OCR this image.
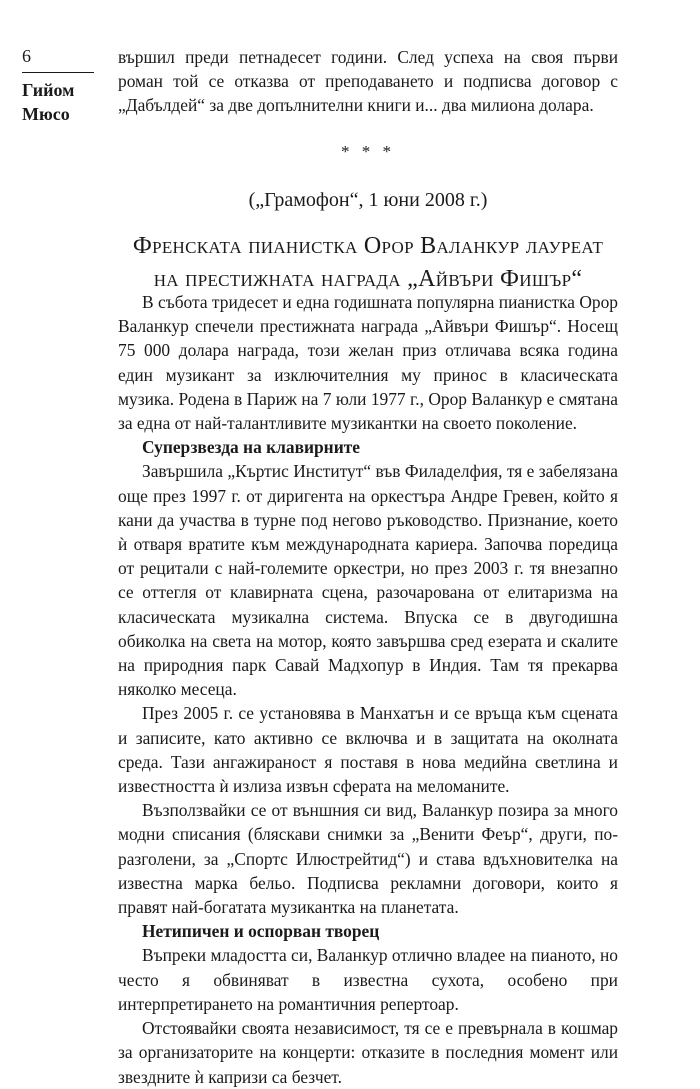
6
Гийом
Мюсо

вършил преди петнадесет години. След успеха на своя първи роман той се отказва от преподаването и подписва договор с „Дабълдей“ за две допълнителни книги и... два милиона долара.

* * *
(„Грамофон“, 1 юни 2008 г.)
Френската пианистка Орор Валанкур лауреат
на престижната награда „Айвъри Фишър“

В събота тридесет и една годишната популярна пианистка Орор Валанкур спечели престижната награда „Айвъри Фишър“. Носещ 75 000 долара награда, този желан приз отличава всяка година един музикант за изключителния му принос в класическата музика. Родена в Париж на 7 юли 1977 г., Орор Валанкур е смятана за една от най-талантливите музикантки на своето поколение.

Суперзвезда на клавирните

Завършила „Къртис Институт“ във Филаделфия, тя е забелязана още през 1997 г. от диригента на оркестъра Андре Гревен, който я кани да участва в турне под негово ръководство. Признание, което ѝ отваря вратите към международната кариера. Започва поредица от рецитали с най-големите оркестри, но през 2003 г. тя внезапно се оттегля от клавирната сцена, разочарована от елитаризма на класическата музикална система. Впуска се в двугодишна обиколка на света на мотор, която завършва сред езерата и скалите на природния парк Савай Мадхопур в Индия. Там тя прекарва няколко месеца.

През 2005 г. се установява в Манхатън и се връща към сцената и записите, като активно се включва и в защитата на околната среда. Тази ангажираност я поставя в нова медийна светлина и известността ѝ излиза извън сферата на меломаните.

Възползвайки се от външния си вид, Валанкур позира за много модни списания (бляскави снимки за „Венити Феър“, други, по-разголени, за „Спортс Илюстрейтид“) и става вдъхновителка на известна марка бельо. Подписва рекламни договори, които я правят най-богатата музикантка на планетата.

Нетипичен и оспорван творец

Въпреки младостта си, Валанкур отлично владее на пианото, но често я обвиняват в известна сухота, особено при интерпретирането на романтичния репертоар.

Отстоявайки своята независимост, тя се е превърнала в кошмар за организаторите на концерти: отказите в последния момент или звездните ѝ капризи са безчет.
